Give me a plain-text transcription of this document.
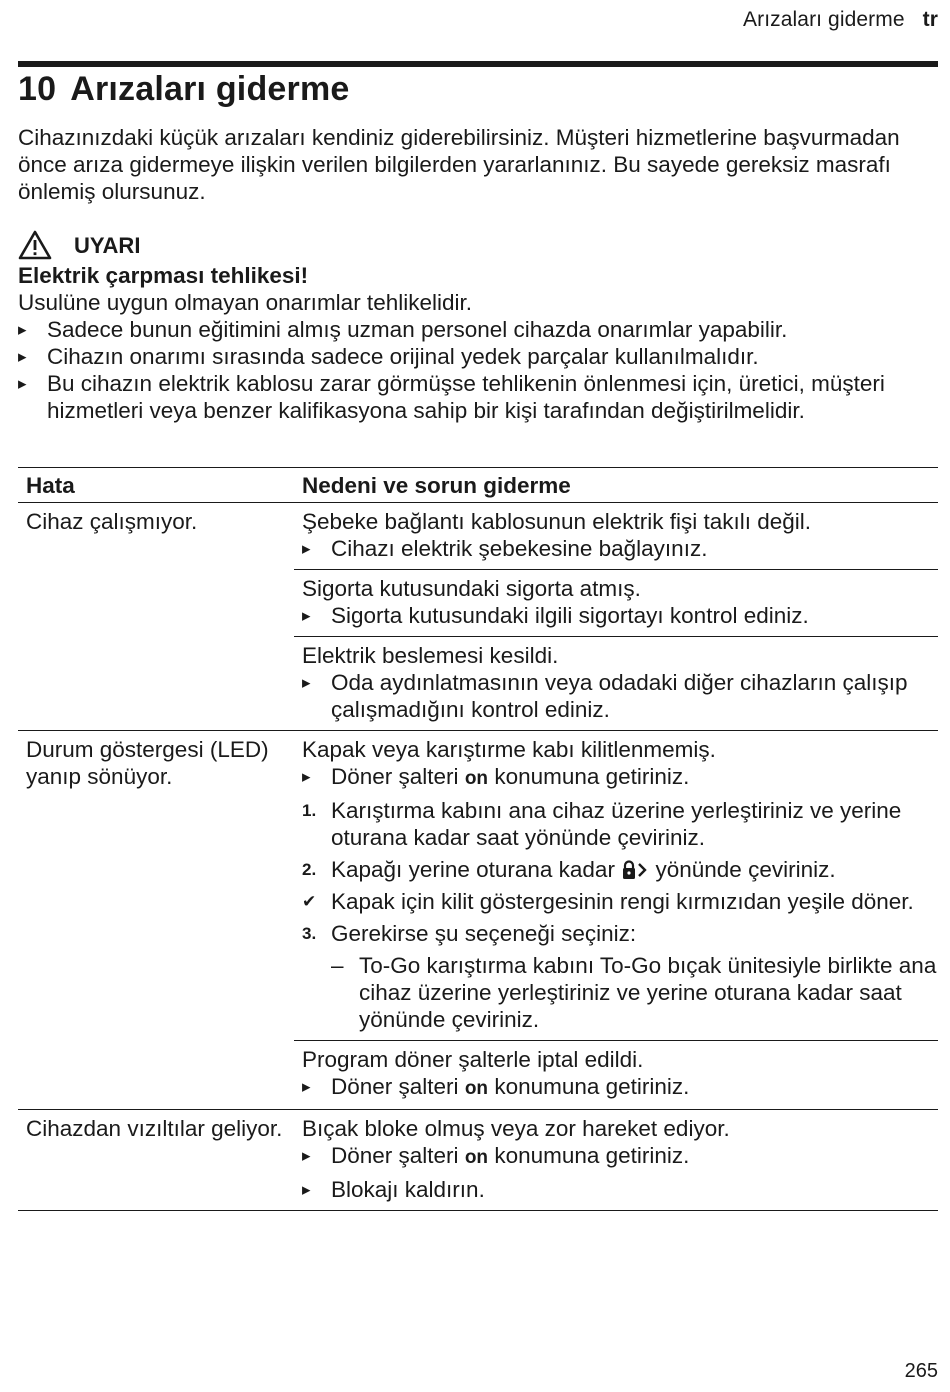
Arızaları giderme tr
10 Arızaları giderme

Cihazınızdaki küçük arızaları kendiniz giderebilirsiniz. Müşteri hizmetlerine başvurmadan önce arıza gidermeye ilişkin verilen bilgilerden yararlanınız. Bu sayede gereksiz masrafı önlemiş olursunuz.

UYARI
Elektrik çarpması tehlikesi!
Usulüne uygun olmayan onarımlar tehlikelidir.
▸ Sadece bunun eğitimini almış uzman personel cihazda onarımlar yapabilir.
▸ Cihazın onarımı sırasında sadece orijinal yedek parçalar kullanılmalıdır.
▸ Bu cihazın elektrik kablosu zarar görmüşse tehlikenin önlenmesi için, üretici, müşteri hizmetleri veya benzer kalifikasyona sahip bir kişi tarafından değiştirilmelidir.
Hata	Nedeni ve sorun giderme
Cihaz çalışmıyor.	Şebeke bağlantı kablosunun elektrik fişi takılı değil.
▸ Cihazı elektrik şebekesine bağlayınız.
Sigorta kutusundaki sigorta atmış.
▸ Sigorta kutusundaki ilgili sigortayı kontrol ediniz.
Elektrik beslemesi kesildi.
▸ Oda aydınlatmasının veya odadaki diğer cihazların çalışıp çalışmadığını kontrol ediniz.
Durum göstergesi (LED) yanıp sönüyor.
Kapak veya karıştırme kabı kilitlenmemiş.
▸ Döner şalteri on konumuna getiriniz.
1. Karıştırma kabını ana cihaz üzerine yerleştiriniz ve yerine oturana kadar saat yönünde çeviriniz.
2. Kapağı yerine oturana kadar yönünde çeviriniz.
✔ Kapak için kilit göstergesinin rengi kırmızıdan yeşile döner.
3. Gerekirse şu seçeneği seçiniz:
– To-Go karıştırma kabını To-Go bıçak ünitesiyle birlikte ana cihaz üzerine yerleştiriniz ve yerine oturana kadar saat yönünde çeviriniz.
Program döner şalterle iptal edildi.
▸ Döner şalteri on konumuna getiriniz.
Cihazdan vızıltılar geliyor. Bıçak bloke olmuş veya zor hareket ediyor.
▸ Döner şalteri on konumuna getiriniz.
▸ Blokajı kaldırın.
265
